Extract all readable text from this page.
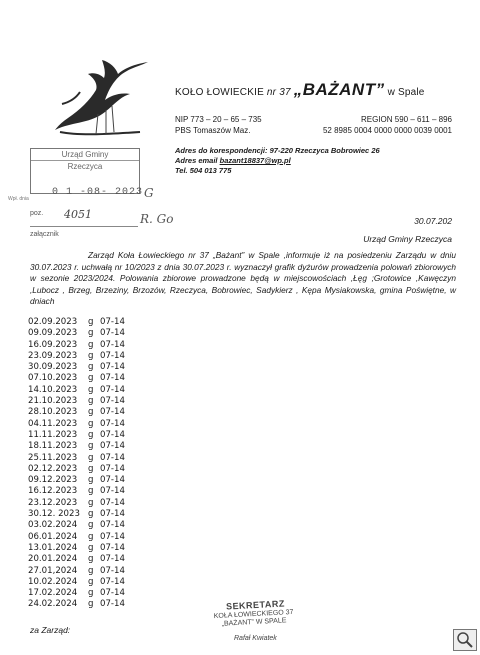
KOŁO ŁOWIECKIE nr 37 „BAŻANT” w Spale
NIP 773 – 20 – 65 – 735
PBS Tomaszów Maz.
REGION 590 – 611 – 896
52 8985 0004 0000 0000 0039 0001
Adres do korespondencji: 97-220 Rzeczyca Bobrowiec 26
Adres email bazant18837@wp.pl
Tel. 504 013 775
Urząd Gminy
Rzeczyca
0 1 -08- 2023 G
Wpł. dnia
poz. 4051
załącznik
R. Go	30.07.202
Urząd Gminy Rzeczyca
Zarząd Koła Łowieckiego nr 37 „Bażant” w Spale ,informuje iż na posiedzeniu Zarządu w dniu 30.07.2023 r. uchwałą nr 10/2023 z dnia 30.07.2023 r. wyznaczył grafik dyżurów prowadzenia polowań zbiorowych w sezonie 2023/2024. Polowania zbiorowe prowadzone będą w miejscowościach ,Łęg ;Grotowice ,Kawęczyn ,Lubocz , Brzeg, Brzeziny, Brzozów, Rzeczyca, Bobrowiec, Sadykierz , Kępa Mysiakowska, gmina Poświętne, w dniach
02.09.2023 g 07-14
09.09.2023 g 07-14
16.09.2023 g 07-14
23.09.2023 g 07-14
30.09.2023 g 07-14
07.10.2023 g 07-14
14.10.2023 g 07-14
21.10.2023 g 07-14
28.10.2023 g 07-14
04.11.2023 g 07-14
11.11.2023 g 07-14
18.11.2023 g 07-14
25.11.2023 g 07-14
02.12.2023 g 07-14
09.12.2023 g 07-14
16.12.2023 g 07-14
23.12.2023 g 07-14
30.12. 2023 g 07-14
03.02.2024 g 07-14
06.01.2024 g 07-14
13.01.2024 g 07-14
20.01.2024 g 07-14
27.01,2024 g 07-14
10.02.2024 g 07-14
17.02.2024 g 07-14
24.02.2024 g 07-14	SEKRETARZ
KOŁA ŁOWIECKIEGO 37
„BAŻANT” W SPALE
Rafał Kwiatek
za Zarząd:
